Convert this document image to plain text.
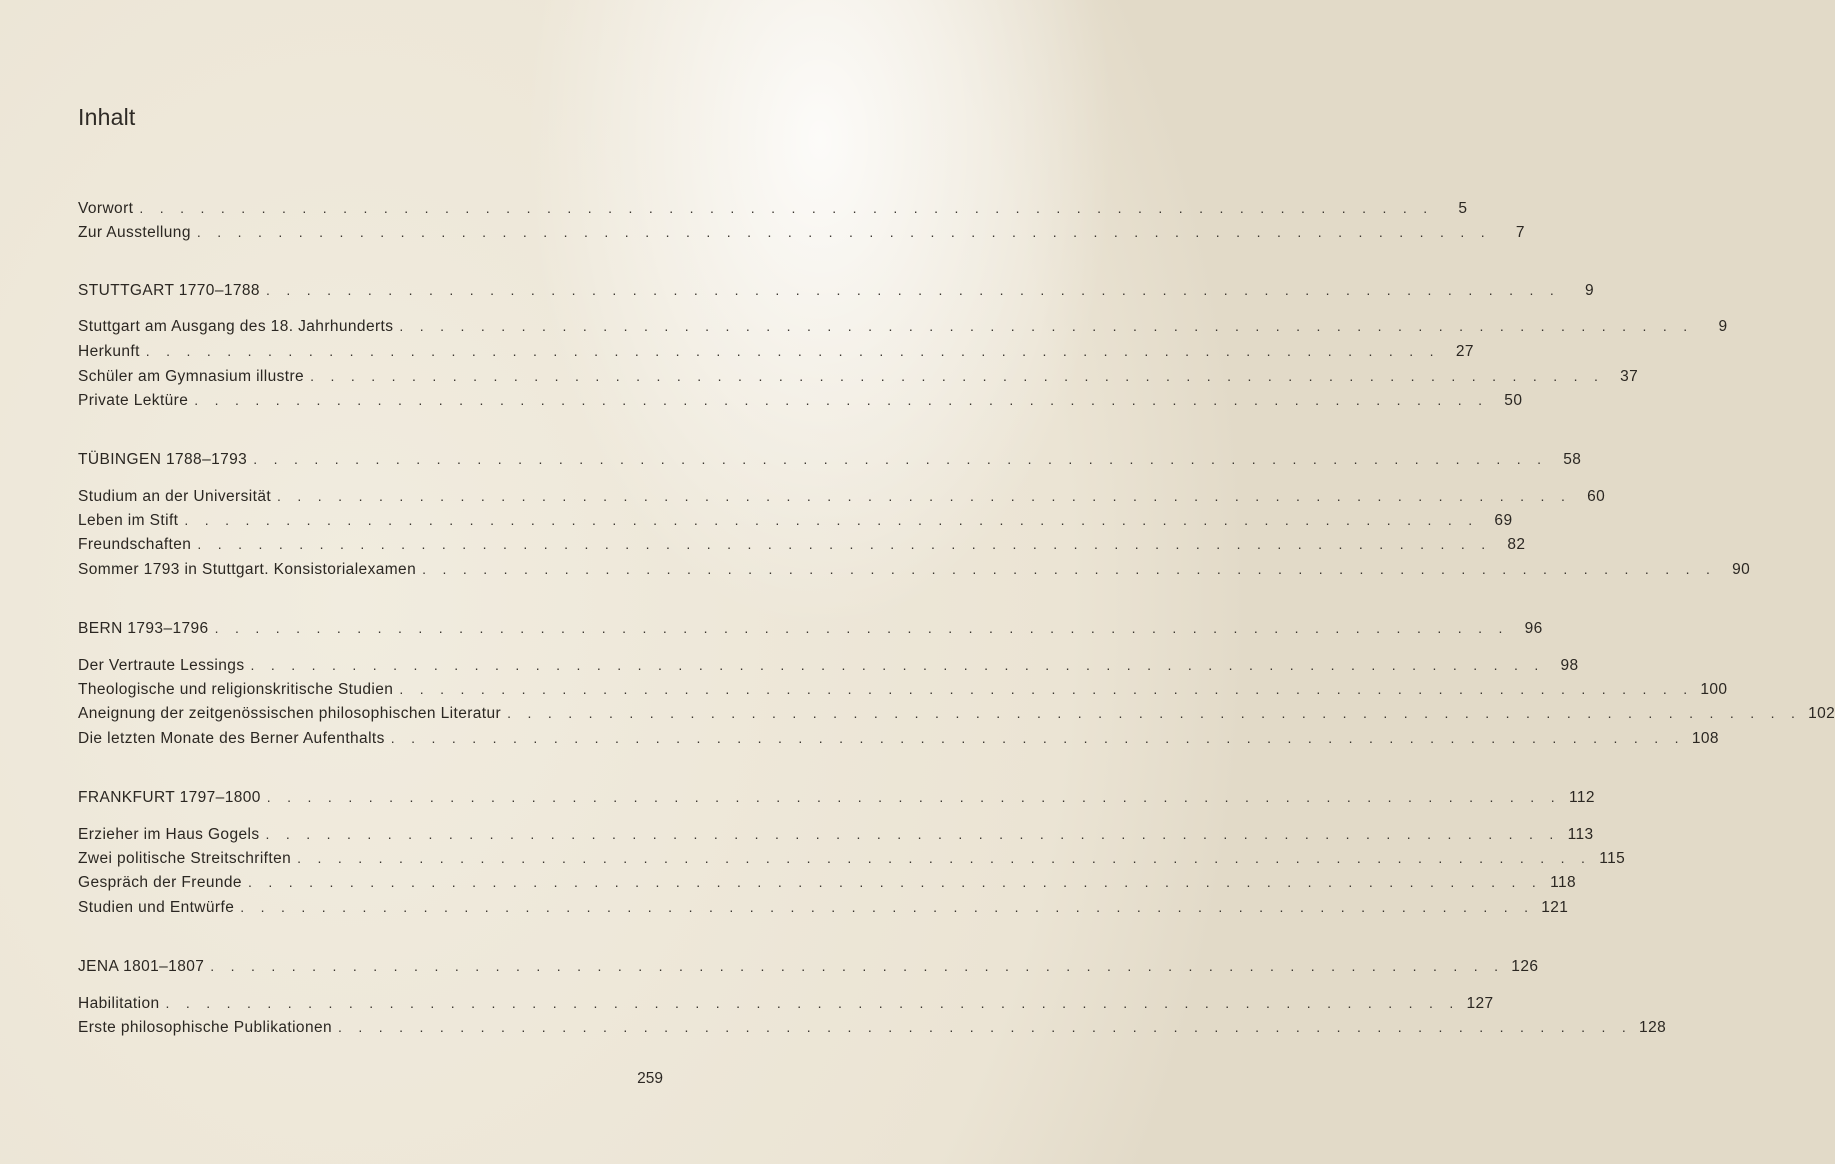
Inhalt
Vorwort . . . . . . . . . . . . . . . . . . . . . . . . . . . . . . . . . . . . . . . . . . . . . . . . . . . . . . . . . . . . . . . .	5
Zur Ausstellung . . . . . . . . . . . . . . . . . . . . . . . . . . . . . . . . . . . . . . . . . . . . . . . . . . . . . . . . . . . . . . . .	7
STUTTGART 1770–1788 . . . . . . . . . . . . . . . . . . . . . . . . . . . . . . . . . . . . . . . . . . . . . . . . . . . . . . . . . . . . . . . .	9
Stuttgart am Ausgang des 18. Jahrhunderts . . . . . . . . . . . . . . . . . . . . . . . . . . . . . . . . . . . . . . . . . . . . . . . . . . . . . . . . . . . . . . . .	9
Herkunft . . . . . . . . . . . . . . . . . . . . . . . . . . . . . . . . . . . . . . . . . . . . . . . . . . . . . . . . . . . . . . . .	27
Schüler am Gymnasium illustre . . . . . . . . . . . . . . . . . . . . . . . . . . . . . . . . . . . . . . . . . . . . . . . . . . . . . . . . . . . . . . . .	37
Private Lektüre . . . . . . . . . . . . . . . . . . . . . . . . . . . . . . . . . . . . . . . . . . . . . . . . . . . . . . . . . . . . . . . .	50
TÜBINGEN 1788–1793 . . . . . . . . . . . . . . . . . . . . . . . . . . . . . . . . . . . . . . . . . . . . . . . . . . . . . . . . . . . . . . . .	58
Studium an der Universität . . . . . . . . . . . . . . . . . . . . . . . . . . . . . . . . . . . . . . . . . . . . . . . . . . . . . . . . . . . . . . . .	60
Leben im Stift . . . . . . . . . . . . . . . . . . . . . . . . . . . . . . . . . . . . . . . . . . . . . . . . . . . . . . . . . . . . . . . .	69
Freundschaften . . . . . . . . . . . . . . . . . . . . . . . . . . . . . . . . . . . . . . . . . . . . . . . . . . . . . . . . . . . . . . . .	82
Sommer 1793 in Stuttgart. Konsistorialexamen . . . . . . . . . . . . . . . . . . . . . . . . . . . . . . . . . . . . . . . . . . . . . . . . . . . . . . . . . . . . . . . .	90
BERN 1793–1796 . . . . . . . . . . . . . . . . . . . . . . . . . . . . . . . . . . . . . . . . . . . . . . . . . . . . . . . . . . . . . . . .	96
Der Vertraute Lessings . . . . . . . . . . . . . . . . . . . . . . . . . . . . . . . . . . . . . . . . . . . . . . . . . . . . . . . . . . . . . . . .	98
Theologische und religionskritische Studien . . . . . . . . . . . . . . . . . . . . . . . . . . . . . . . . . . . . . . . . . . . . . . . . . . . . . . . . . . . . . . . . 100
Aneignung der zeitgenössischen philosophischen Literatur . . . . . . . . . . . . . . . . . . . . . . . . . . . . . . . . . . . . . . . . . . . . . . . . . . . . . . . . . . . . . . . . 102
Die letzten Monate des Berner Aufenthalts . . . . . . . . . . . . . . . . . . . . . . . . . . . . . . . . . . . . . . . . . . . . . . . . . . . . . . . . . . . . . . . . 108
FRANKFURT 1797–1800 . . . . . . . . . . . . . . . . . . . . . . . . . . . . . . . . . . . . . . . . . . . . . . . . . . . . . . . . . . . . . . . . 112
Erzieher im Haus Gogels . . . . . . . . . . . . . . . . . . . . . . . . . . . . . . . . . . . . . . . . . . . . . . . . . . . . . . . . . . . . . . . . 113
Zwei politische Streitschriften . . . . . . . . . . . . . . . . . . . . . . . . . . . . . . . . . . . . . . . . . . . . . . . . . . . . . . . . . . . . . . . . 115
Gespräch der Freunde . . . . . . . . . . . . . . . . . . . . . . . . . . . . . . . . . . . . . . . . . . . . . . . . . . . . . . . . . . . . . . . . 118
Studien und Entwürfe . . . . . . . . . . . . . . . . . . . . . . . . . . . . . . . . . . . . . . . . . . . . . . . . . . . . . . . . . . . . . . . . 121
JENA 1801–1807 . . . . . . . . . . . . . . . . . . . . . . . . . . . . . . . . . . . . . . . . . . . . . . . . . . . . . . . . . . . . . . . . 126
Habilitation . . . . . . . . . . . . . . . . . . . . . . . . . . . . . . . . . . . . . . . . . . . . . . . . . . . . . . . . . . . . . . . . 127
Erste philosophische Publikationen . . . . . . . . . . . . . . . . . . . . . . . . . . . . . . . . . . . . . . . . . . . . . . . . . . . . . . . . . . . . . . . . 128
259
